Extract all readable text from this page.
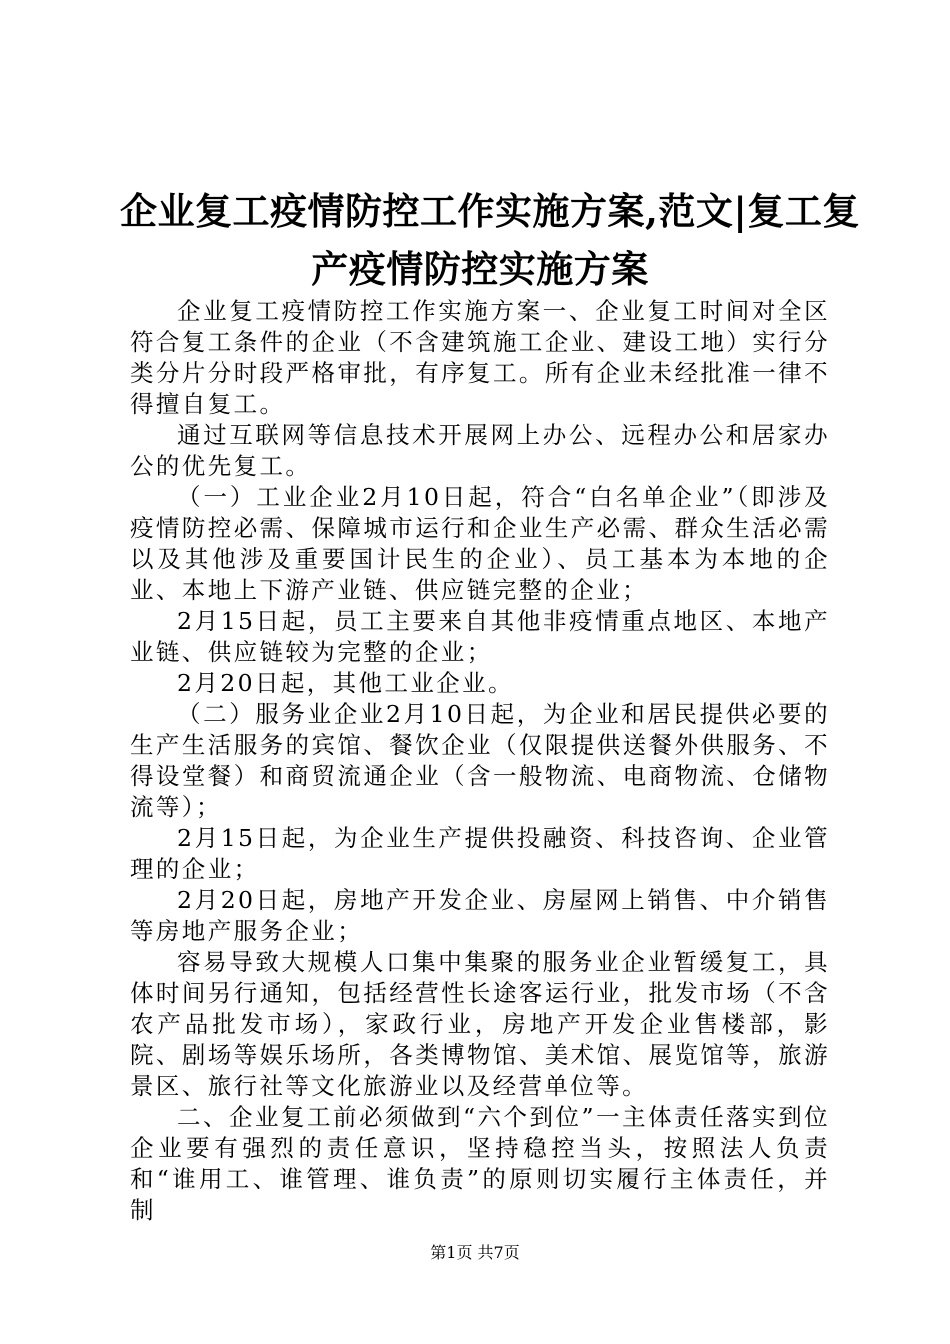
企业复工疫情防控工作实施方案,范文|复工复
产疫情防控实施方案

企业复工疫情防控工作实施方案一、企业复工时间对全区符合复工条件的企业（不含建筑施工企业、建设工地）实行分类分片分时段严格审批，有序复工。所有企业未经批准一律不得擅自复工。

通过互联网等信息技术开展网上办公、远程办公和居家办公的优先复工。

（一）工业企业2月10日起，符合“白名单企业”（即涉及疫情防控必需、保障城市运行和企业生产必需、群众生活必需以及其他涉及重要国计民生的企业）、员工基本为本地的企业、本地上下游产业链、供应链完整的企业；

2月15日起，员工主要来自其他非疫情重点地区、本地产业链、供应链较为完整的企业；

2月20日起，其他工业企业。

（二）服务业企业2月10日起，为企业和居民提供必要的生产生活服务的宾馆、餐饮企业（仅限提供送餐外供服务、不得设堂餐）和商贸流通企业（含一般物流、电商物流、仓储物流等）；

2月15日起，为企业生产提供投融资、科技咨询、企业管理的企业；

2月20日起，房地产开发企业、房屋网上销售、中介销售等房地产服务企业；

容易导致大规模人口集中集聚的服务业企业暂缓复工，具体时间另行通知，包括经营性长途客运行业，批发市场（不含农产品批发市场），家政行业，房地产开发企业售楼部，影院、剧场等娱乐场所，各类博物馆、美术馆、展览馆等，旅游景区、旅行社等文化旅游业以及经营单位等。

二、企业复工前必须做到“六个到位”一主体责任落实到位企业要有强烈的责任意识，坚持稳控当头，按照法人负责和“谁用工、谁管理、谁负责”的原则切实履行主体责任，并制

第1页 共7页
